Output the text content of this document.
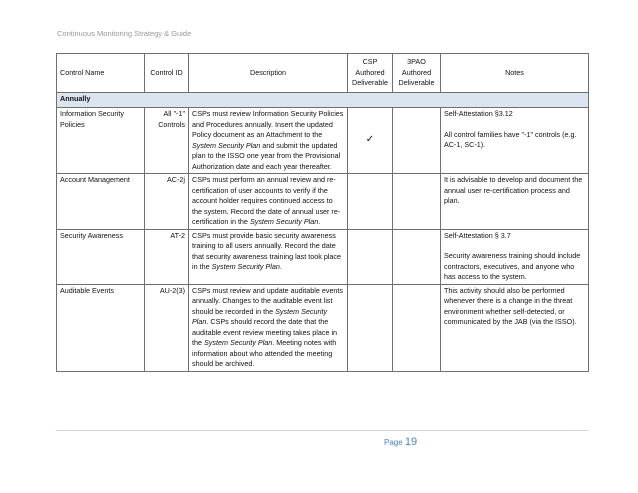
Continuous Monitoring Strategy & Guide
Control Name	Control ID	Description	CSP Authored Deliverable	3PAO Authored Deliverable	Notes
Annually					
Information Security Policies	All "-1" Controls	CSPs must review Information Security Policies and Procedures annually. Insert the updated Policy document as an Attachment to the System Security Plan and submit the updated plan to the ISSO one year from the Provisional Authorization date and each year thereafter.	✓		Self-Attestation §3.12
All control families have "-1" controls (e.g. AC-1, SC-1).
Account Management	AC-2j	CSPs must perform an annual review and re-certification of user accounts to verify if the account holder requires continued access to the system. Record the date of annual user re-certification in the System Security Plan.			It is advisable to develop and document the annual user re-certification process and plan.
Security Awareness	AT-2	CSPs must provide basic security awareness training to all users annually. Record the date that security awareness training last took place in the System Security Plan.			Self-Attestation § 3.7
Security awareness training should include contractors, executives, and anyone who has access to the system.
Auditable Events	AU-2(3)	CSPs must review and update auditable events annually. Changes to the auditable event list should be recorded in the System Security Plan. CSPs should record the date that the auditable event review meeting takes place in the System Security Plan. Meeting notes with information about who attended the meeting should be archived.			This activity should also be performed whenever there is a change in the threat environment whether self-detected, or communicated by the JAB (via the ISSO).
Page 19
